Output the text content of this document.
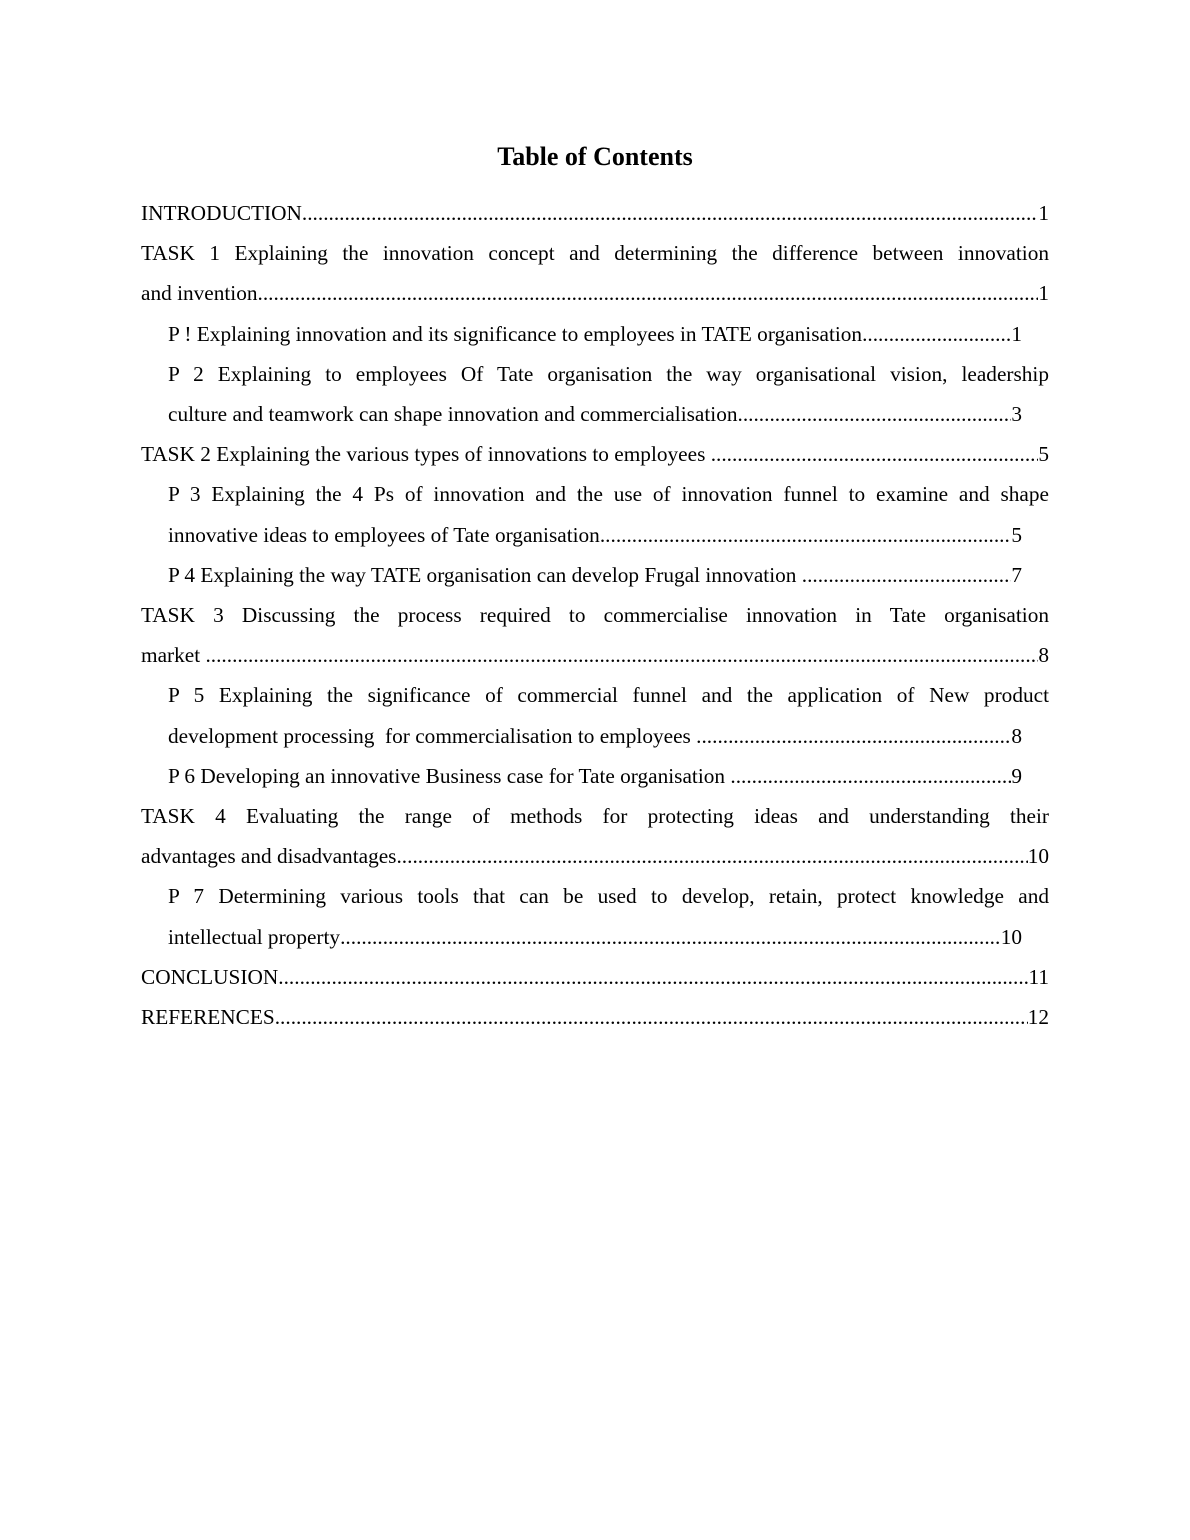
Table of Contents
INTRODUCTION .....	1
TASK 1 Explaining the innovation concept and determining the difference between innovation
and invention .....	1
P ! Explaining innovation and its significance to employees in TATE organisation .....	1
P 2 Explaining to employees Of Tate organisation the way organisational vision, leadership
culture and teamwork can shape innovation and commercialisation .....	3
TASK 2 Explaining the various types of innovations to employees .....	5
P 3 Explaining the 4 Ps of innovation and the use of innovation funnel to examine and shape
innovative ideas to employees of Tate organisation .....	5
P 4 Explaining the way TATE organisation can develop Frugal innovation .....	7
TASK 3 Discussing the process required to commercialise innovation in Tate organisation
market .....	8
P 5 Explaining the significance of commercial funnel and the application of New product
development processing  for commercialisation to employees .....	8
P 6 Developing an innovative Business case for Tate organisation .....	9
TASK 4 Evaluating the range of methods for protecting ideas and understanding their
advantages and disadvantages .....	10
P 7 Determining various tools that can be used to develop, retain, protect knowledge and
intellectual property .....	10
CONCLUSION .....	11
REFERENCES .....	12
